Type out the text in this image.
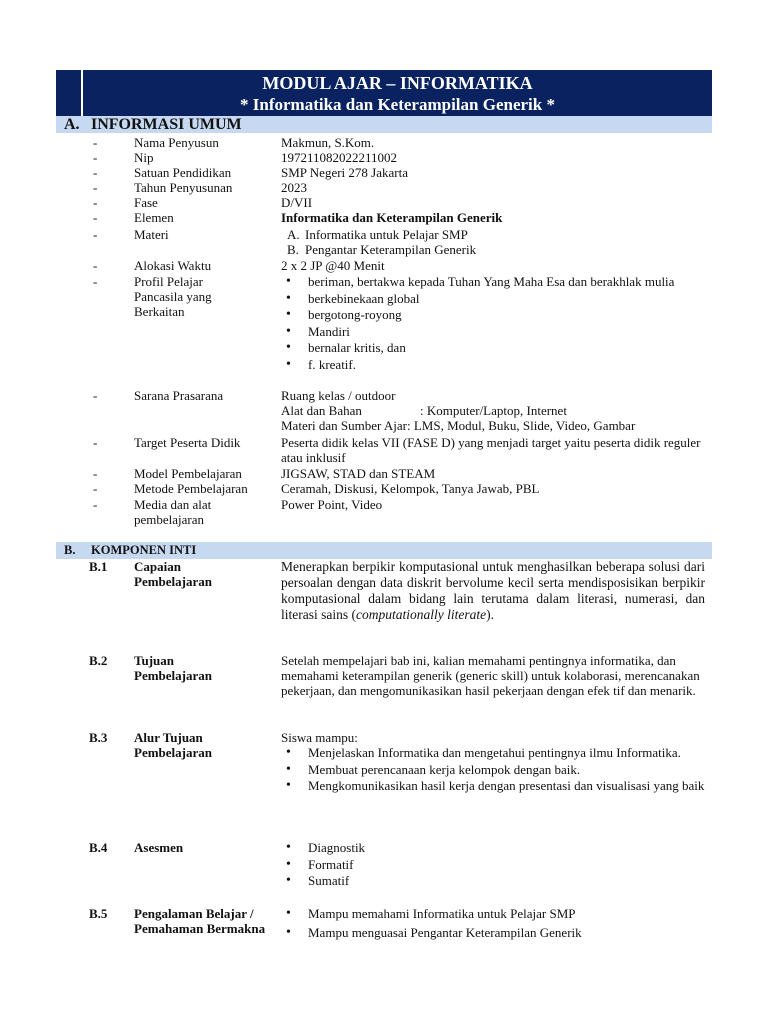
MODUL AJAR – INFORMATIKA
* Informatika dan Keterampilan Generik *
A. INFORMASI UMUM
-	Nama Penyusun	Makmun, S.Kom.
-	Nip	197211082022211002
-	Satuan Pendidikan	SMP Negeri 278 Jakarta
-	Tahun Penyusunan	2023
-	Fase	D/VII
-	Elemen	Informatika dan Keterampilan Generik
-	Materi	A. Informatika untuk Pelajar SMP
B. Pengantar Keterampilan Generik
-	Alokasi Waktu	2 x 2 JP @40 Menit
-	Profil Pelajar Pancasila yang Berkaitan
• beriman, bertakwa kepada Tuhan Yang Maha Esa dan berakhlak mulia
• berkebinekaan global
• bergotong-royong
• Mandiri
• bernalar kritis, dan
• f. kreatif.
-	Sarana Prasarana	Ruang kelas / outdoor
Alat dan Bahan	: Komputer/Laptop, Internet
Materi dan Sumber Ajar: LMS, Modul, Buku, Slide, Video, Gambar
-	Target Peserta Didik	Peserta didik kelas VII (FASE D) yang menjadi target yaitu peserta didik reguler atau inklusif
-	Model Pembelajaran	JIGSAW, STAD dan STEAM
-	Metode Pembelajaran	Ceramah, Diskusi, Kelompok, Tanya Jawab, PBL
-	Media dan alat pembelajaran
Power Point, Video
B. KOMPONEN INTI
B.1 Capaian Pembelajaran
Menerapkan berpikir komputasional untuk menghasilkan beberapa solusi dari persoalan dengan data diskrit bervolume kecil serta mendisposisikan berpikir komputasional dalam bidang lain terutama dalam literasi, numerasi, dan literasi sains (computationally literate).
B.2 Tujuan Pembelajaran
Setelah mempelajari bab ini, kalian memahami pentingnya informatika, dan memahami keterampilan generik (generic skill) untuk kolaborasi, merencanakan pekerjaan, dan mengomunikasikan hasil pekerjaan dengan efek tif dan menarik.
B.3 Alur Tujuan Pembelajaran
Siswa mampu:
• Menjelaskan Informatika dan mengetahui pentingnya ilmu Informatika.
• Membuat perencanaan kerja kelompok dengan baik.
• Mengkomunikasikan hasil kerja dengan presentasi dan visualisasi yang baik
B.4 Asesmen
•	Diagnostik
• Formatif
• Sumatif
B.5 Pengalaman Belajar / Pemahaman Bermakna
• Mampu memahami Informatika untuk Pelajar SMP
• Mampu menguasai Pengantar Keterampilan Generik
